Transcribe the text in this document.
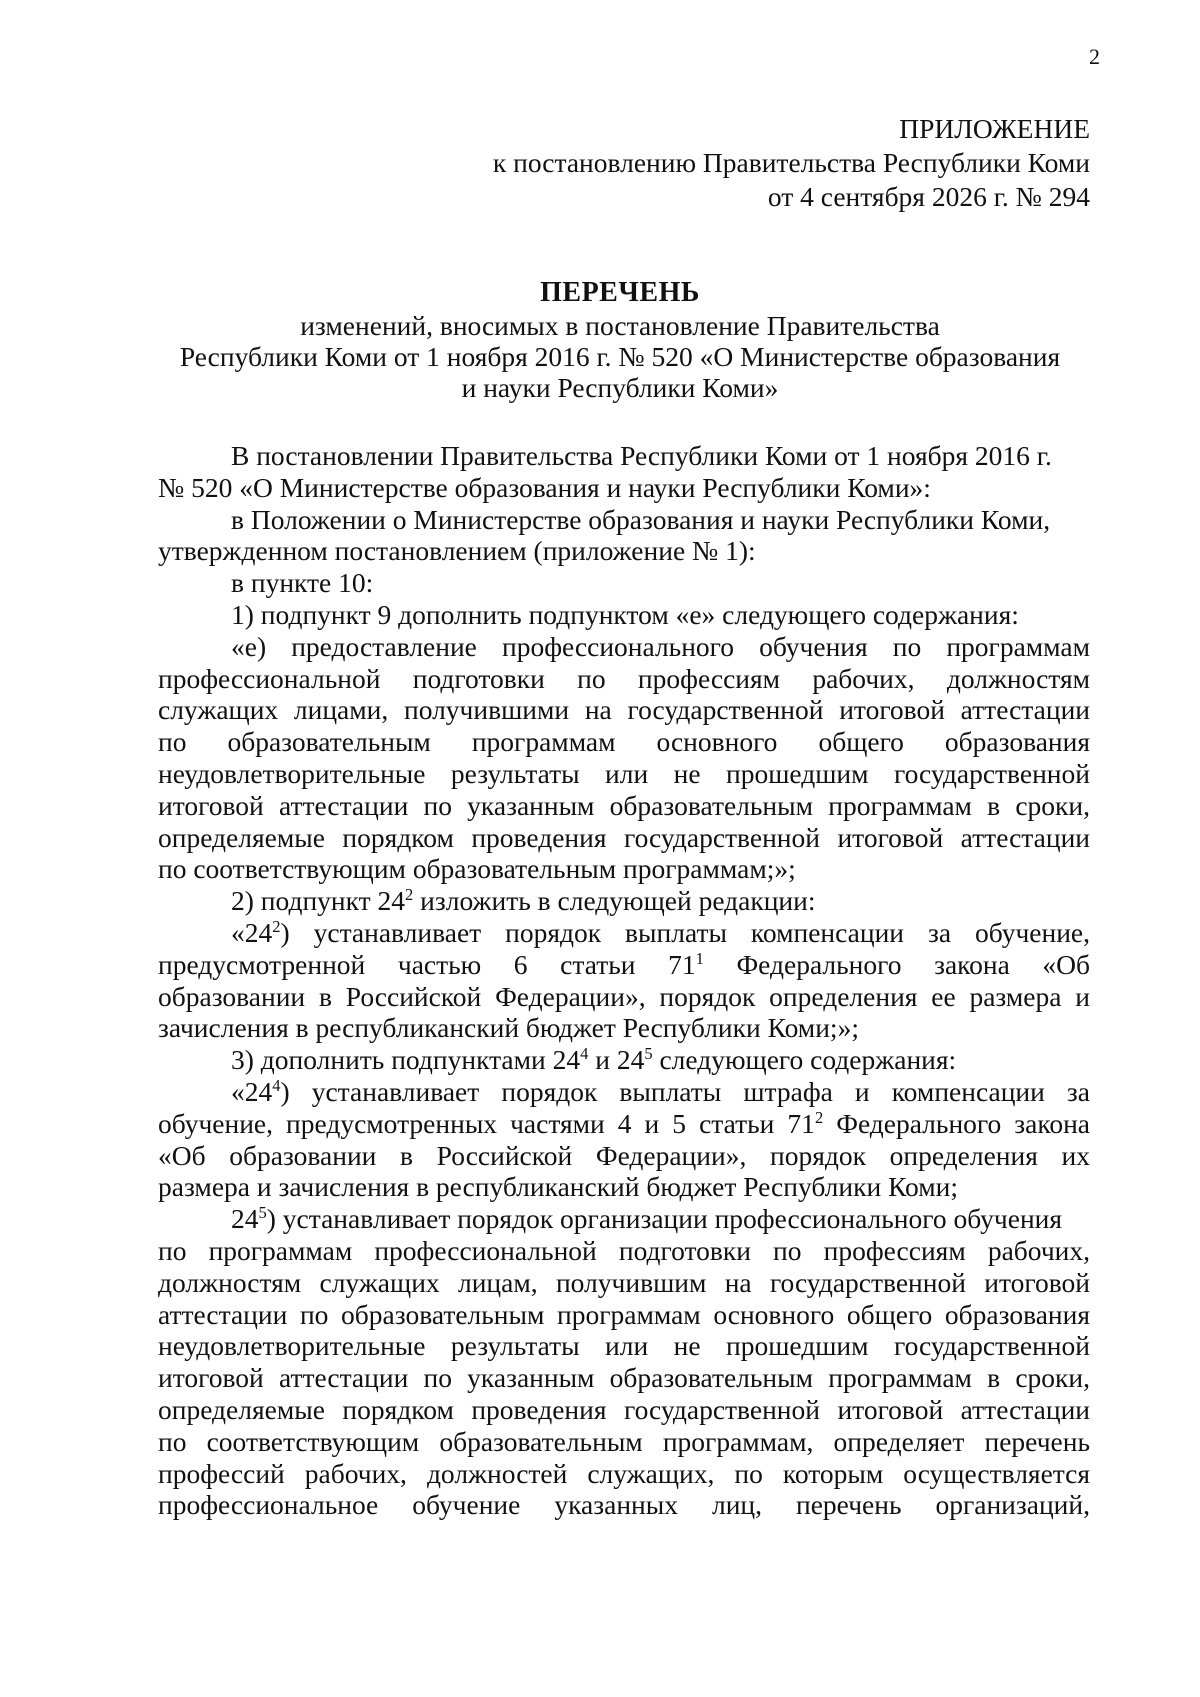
2
ПРИЛОЖЕНИЕ
к постановлению Правительства Республики Коми
от 4 сентября 2026 г. № 294
ПЕРЕЧЕНЬ
изменений, вносимых в постановление Правительства
Республики Коми от 1 ноября 2016 г. № 520 «О Министерстве образования
и науки Республики Коми»
В постановлении Правительства Республики Коми от 1 ноября 2016 г.
№ 520 «О Министерстве образования и науки Республики Коми»:
в Положении о Министерстве образования и науки Республики Коми,
утвержденном постановлением (приложение № 1):
в пункте 10:
1) подпункт 9 дополнить подпунктом «е» следующего содержания:
«е) предоставление профессионального обучения по программам
профессиональной подготовки по профессиям рабочих, должностям
служащих лицами, получившими на государственной итоговой аттестации
по образовательным программам основного общего образования
неудовлетворительные результаты или не прошедшим государственной
итоговой аттестации по указанным образовательным программам в сроки,
определяемые порядком проведения государственной итоговой аттестации
по соответствующим образовательным программам;»;
2) подпункт $24^2$ изложить в следующей редакции:
«$24^2$) устанавливает порядок выплаты компенсации за обучение,
предусмотренной частью 6 статьи $71^1$ Федерального закона «Об
образовании в Российской Федерации», порядок определения ее размера и
зачисления в республиканский бюджет Республики Коми;»;
3) дополнить подпунктами $24^4$ и $24^5$ следующего содержания:
«$24^4$) устанавливает порядок выплаты штрафа и компенсации за
обучение, предусмотренных частями 4 и 5 статьи $71^2$ Федерального закона
«Об образовании в Российской Федерации», порядок определения их
размера и зачисления в республиканский бюджет Республики Коми;
$24^5$) устанавливает порядок организации профессионального обучения
по программам профессиональной подготовки по профессиям рабочих,
должностям служащих лицам, получившим на государственной итоговой
аттестации по образовательным программам основного общего образования
неудовлетворительные результаты или не прошедшим государственной
итоговой аттестации по указанным образовательным программам в сроки,
определяемые порядком проведения государственной итоговой аттестации
по соответствующим образовательным программам, определяет перечень
профессий рабочих, должностей служащих, по которым осуществляется
профессиональное обучение указанных лиц, перечень организаций,
